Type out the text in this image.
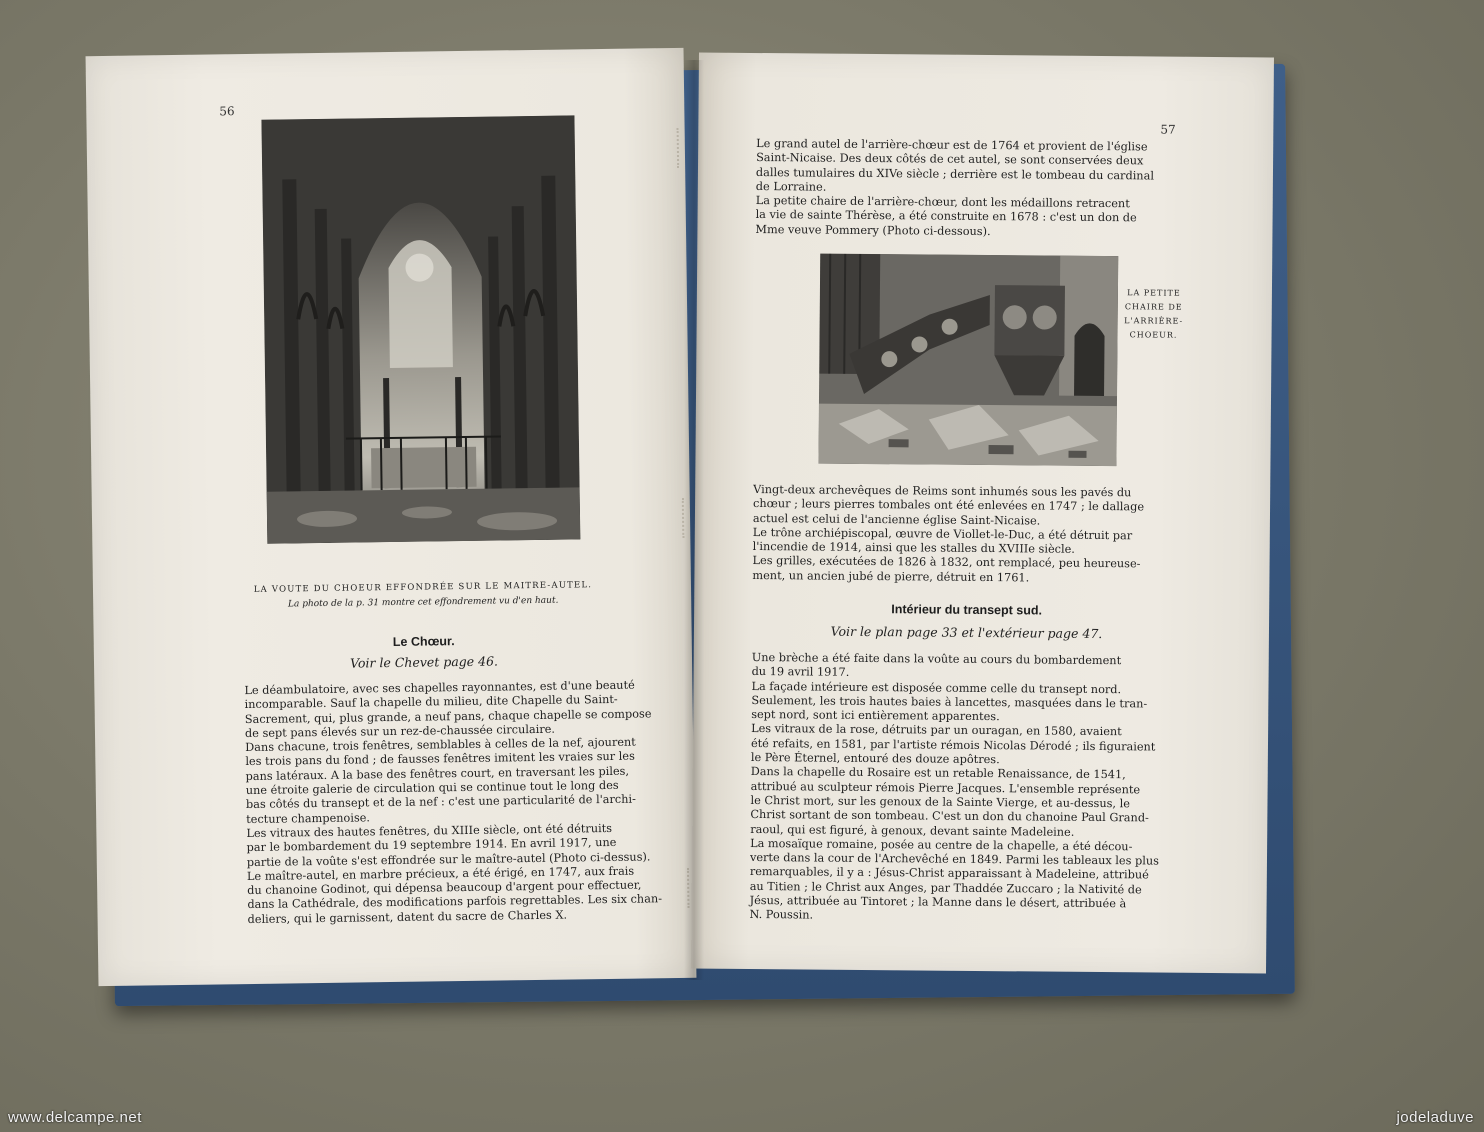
56
LA VOUTE DU CHOEUR EFFONDRÉE SUR LE MAITRE-AUTEL.
La photo de la p. 31 montre cet effondrement vu d'en haut.
Le Chœur.
Voir le Chevet page 46.
Le déambulatoire, avec ses chapelles rayonnantes, est d'une beauté
incomparable. Sauf la chapelle du milieu, dite Chapelle du Saint-
Sacrement, qui, plus grande, a neuf pans, chaque chapelle se compose
de sept pans élevés sur un rez-de-chaussée circulaire.
Dans chacune, trois fenêtres, semblables à celles de la nef, ajourent
les trois pans du fond ; de fausses fenêtres imitent les vraies sur les
pans latéraux. A la base des fenêtres court, en traversant les piles,
une étroite galerie de circulation qui se continue tout le long des
bas côtés du transept et de la nef : c'est une particularité de l'archi-
tecture champenoise.
Les vitraux des hautes fenêtres, du XIIIe siècle, ont été détruits
par le bombardement du 19 septembre 1914. En avril 1917, une
partie de la voûte s'est effondrée sur le maître-autel (Photo ci-dessus).
Le maître-autel, en marbre précieux, a été érigé, en 1747, aux frais
du chanoine Godinot, qui dépensa beaucoup d'argent pour effectuer,
dans la Cathédrale, des modifications parfois regrettables. Les six chan-
deliers, qui le garnissent, datent du sacre de Charles X.
57
Le grand autel de l'arrière-chœur est de 1764 et provient de l'église
Saint-Nicaise. Des deux côtés de cet autel, se sont conservées deux
dalles tumulaires du XIVe siècle ; derrière est le tombeau du cardinal
de Lorraine.
La petite chaire de l'arrière-chœur, dont les médaillons retracent
la vie de sainte Thérèse, a été construite en 1678 : c'est un don de
Mme veuve Pommery (Photo ci-dessous).
LA PETITE
CHAIRE DE
L'ARRIÈRE-
CHOEUR.
Vingt-deux archevêques de Reims sont inhumés sous les pavés du
chœur ; leurs pierres tombales ont été enlevées en 1747 ; le dallage
actuel est celui de l'ancienne église Saint-Nicaise.
Le trône archiépiscopal, œuvre de Viollet-le-Duc, a été détruit par
l'incendie de 1914, ainsi que les stalles du XVIIIe siècle.
Les grilles, exécutées de 1826 à 1832, ont remplacé, peu heureuse-
ment, un ancien jubé de pierre, détruit en 1761.
Intérieur du transept sud.
Voir le plan page 33 et l'extérieur page 47.
Une brèche a été faite dans la voûte au cours du bombardement
du 19 avril 1917.
La façade intérieure est disposée comme celle du transept nord.
Seulement, les trois hautes baies à lancettes, masquées dans le tran-
sept nord, sont ici entièrement apparentes.
Les vitraux de la rose, détruits par un ouragan, en 1580, avaient
été refaits, en 1581, par l'artiste rémois Nicolas Dérodé ; ils figuraient
le Père Éternel, entouré des douze apôtres.
Dans la chapelle du Rosaire est un retable Renaissance, de 1541,
attribué au sculpteur rémois Pierre Jacques. L'ensemble représente
le Christ mort, sur les genoux de la Sainte Vierge, et au-dessus, le
Christ sortant de son tombeau. C'est un don du chanoine Paul Grand-
raoul, qui est figuré, à genoux, devant sainte Madeleine.
La mosaïque romaine, posée au centre de la chapelle, a été décou-
verte dans la cour de l'Archevêché en 1849. Parmi les tableaux les plus
remarquables, il y a : Jésus-Christ apparaissant à Madeleine, attribué
au Titien ; le Christ aux Anges, par Thaddée Zuccaro ; la Nativité de
Jésus, attribuée au Tintoret ; la Manne dans le désert, attribuée à
N. Poussin.
www.delcampe.net	jodeladuve
